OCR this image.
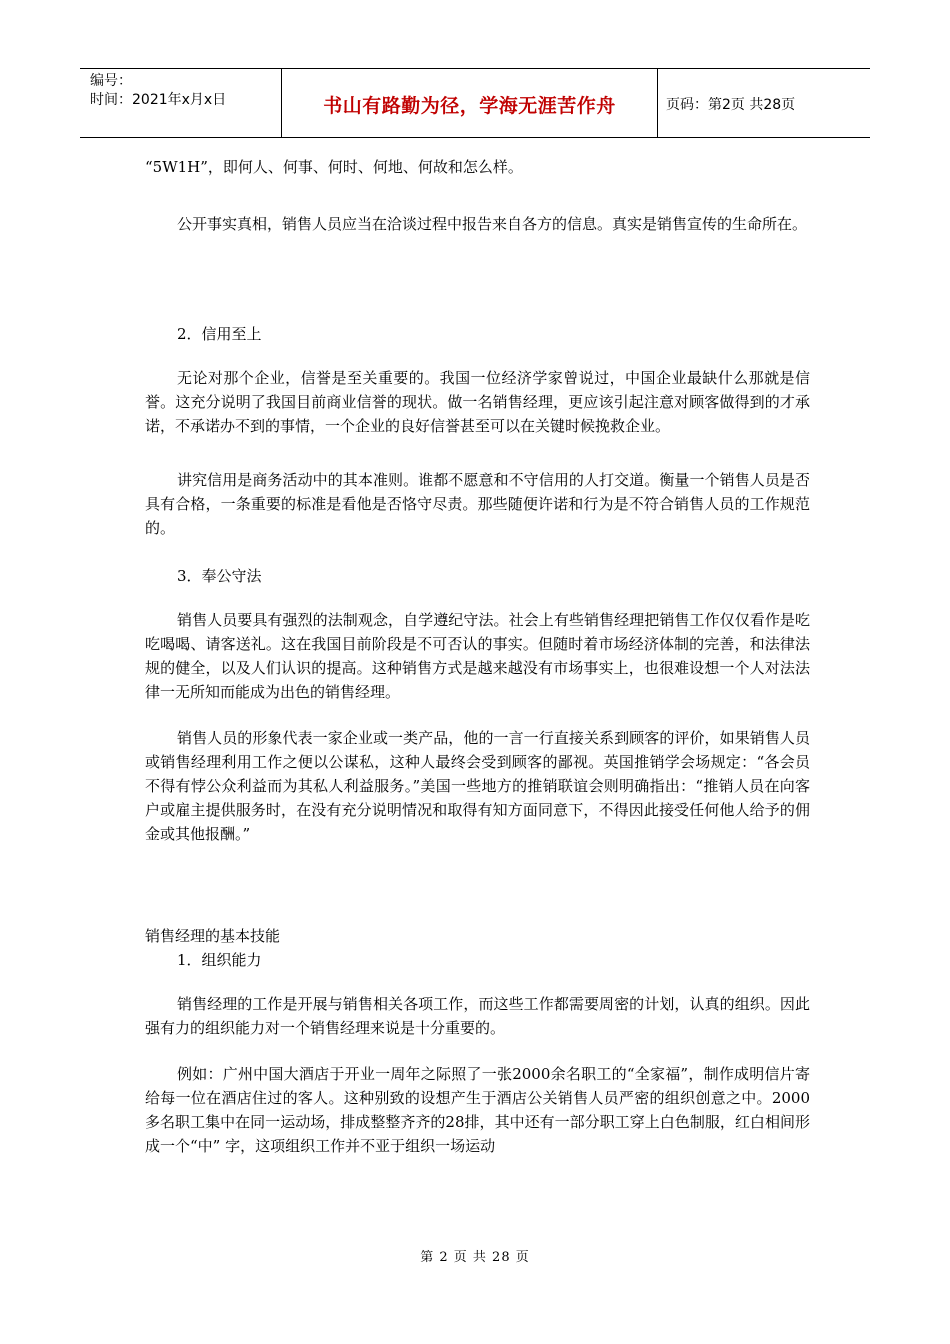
编号：
时间：2021年x月x日	书山有路勤为径，学海无涯苦作舟	页码：第2页 共28页

“5W1H”，即何人、何事、何时、何地、何故和怎么样。

公开事实真相，销售人员应当在洽谈过程中报告来自各方的信息。真实是销售宣传的生命所在。

2．信用至上

无论对那个企业，信誉是至关重要的。我国一位经济学家曾说过，中国企业最缺什么那就是信誉。这充分说明了我国目前商业信誉的现状。做一名销售经理，更应该引起注意对顾客做得到的才承诺，不承诺办不到的事情，一个企业的良好信誉甚至可以在关键时候挽救企业。

讲究信用是商务活动中的其本准则。谁都不愿意和不守信用的人打交道。衡量一个销售人员是否具有合格，一条重要的标准是看他是否恪守尽责。那些随便许诺和行为是不符合销售人员的工作规范的。

3．奉公守法

销售人员要具有强烈的法制观念，自学遵纪守法。社会上有些销售经理把销售工作仅仅看作是吃吃喝喝、请客送礼。这在我国目前阶段是不可否认的事实。但随时着市场经济体制的完善，和法律法规的健全，以及人们认识的提高。这种销售方式是越来越没有市场事实上，也很难设想一个人对法法律一无所知而能成为出色的销售经理。

销售人员的形象代表一家企业或一类产品，他的一言一行直接关系到顾客的评价，如果销售人员或销售经理利用工作之便以公谋私，这种人最终会受到顾客的鄙视。英国推销学会场规定：“各会员不得有悖公众利益而为其私人利益服务。”美国一些地方的推销联谊会则明确指出：“推销人员在向客户或雇主提供服务时，在没有充分说明情况和取得有知方面同意下，不得因此接受任何他人给予的佣金或其他报酬。”

销售经理的基本技能

1．组织能力

销售经理的工作是开展与销售相关各项工作，而这些工作都需要周密的计划，认真的组织。因此强有力的组织能力对一个销售经理来说是十分重要的。

例如：广州中国大酒店于开业一周年之际照了一张2000余名职工的“全家福”，制作成明信片寄给每一位在酒店住过的客人。这种别致的设想产生于酒店公关销售人员严密的组织创意之中。2000多名职工集中在同一运动场，排成整整齐齐的28排，其中还有一部分职工穿上白色制服，红白相间形成一个“中” 字，这项组织工作并不亚于组织一场运动

第 2 页 共 28 页
